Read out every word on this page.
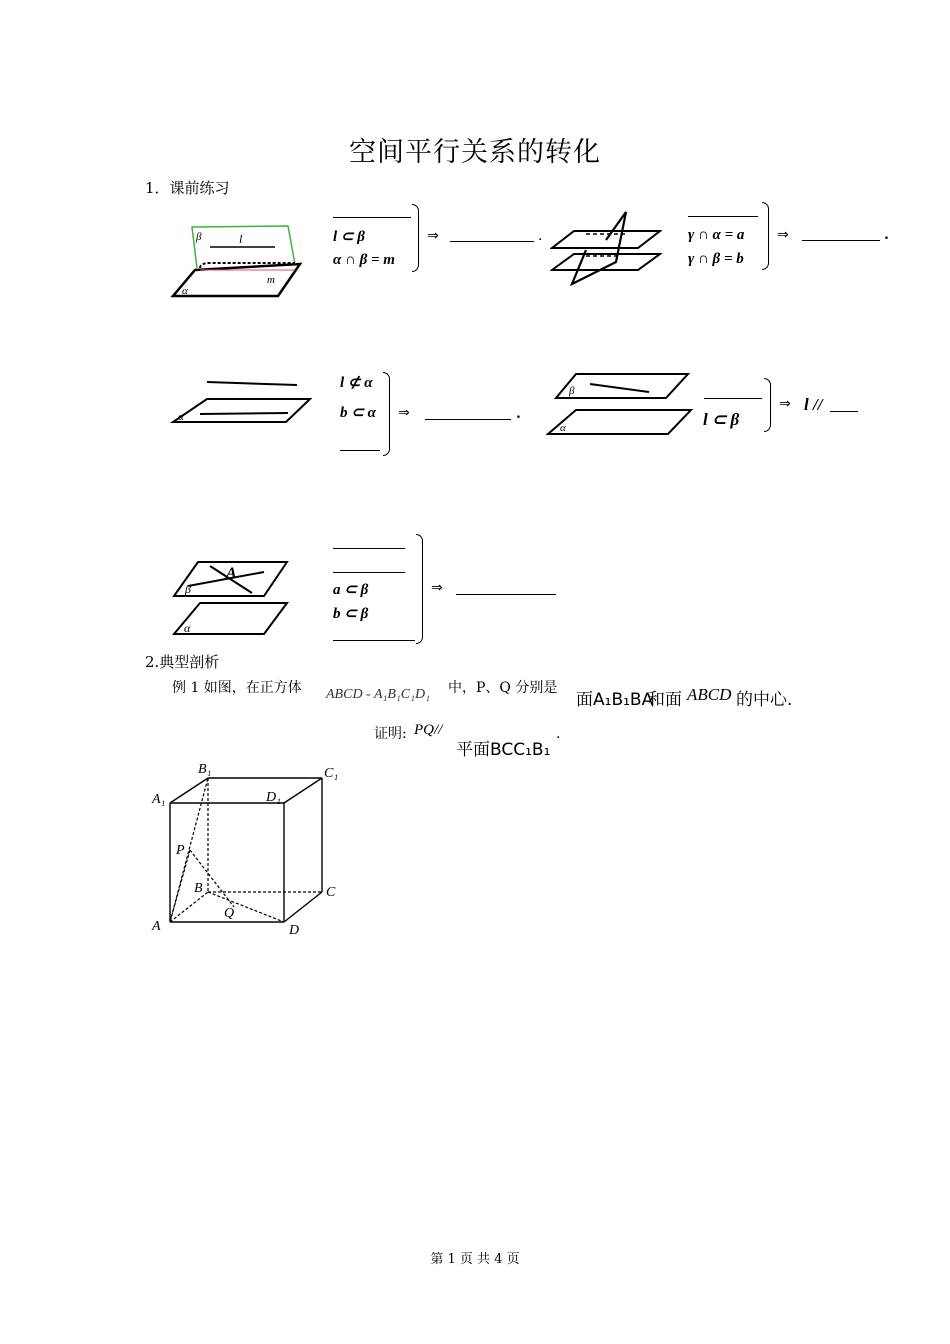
空间平行关系的转化
1．课前练习
β	l
m
α
l ⊂ β
α ∩ β = m
⇒	.	γ ∩ α = a
γ ∩ β = b
⇒	.
α
l ⊄ α
b ⊂ α ⇒	.
β
α	l ⊂ β
⇒ l //
A
β
α
a ⊂ β
b ⊂ β
⇒
2.典型剖析
例 1 如图，在正方体 ABCD - A₁B₁C₁D₁ 中，P、Q 分别是
面A₁B₁BA
和面 ABCD 的中心.
证明: PQ//
平面BCC₁B₁
.
B₁	C₁
A₁	D₁
P
B	C
Q
A	D
第 1 页 共 4 页
